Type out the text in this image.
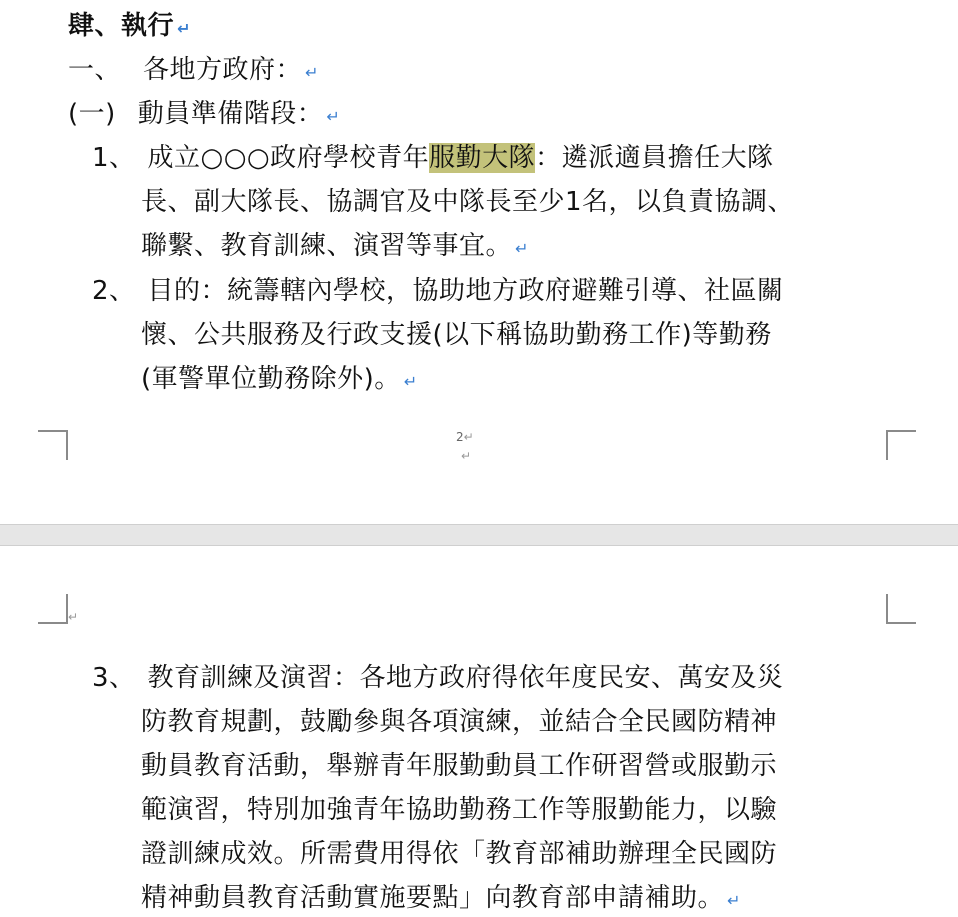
肆、執行 ↵
一、 各地方政府： ↵
(一) 動員準備階段： ↵
1、 成立○○○政府學校青年服勤大隊：遴派適員擔任大隊
長、副大隊長、協調官及中隊長至少1名，以負責協調、
聯繫、教育訓練、演習等事宜。 ↵
2、 目的：統籌轄內學校，協助地方政府避難引導、社區關
懷、公共服務及行政支援(以下稱協助勤務工作)等勤務
(軍警單位勤務除外)。 ↵
2↵
↵
↵
3、 教育訓練及演習：各地方政府得依年度民安、萬安及災
防教育規劃，鼓勵參與各項演練，並結合全民國防精神
動員教育活動，舉辦青年服勤動員工作研習營或服勤示
範演習，特別加強青年協助勤務工作等服勤能力，以驗
證訓練成效。所需費用得依「教育部補助辦理全民國防
精神動員教育活動實施要點」向教育部申請補助。 ↵
